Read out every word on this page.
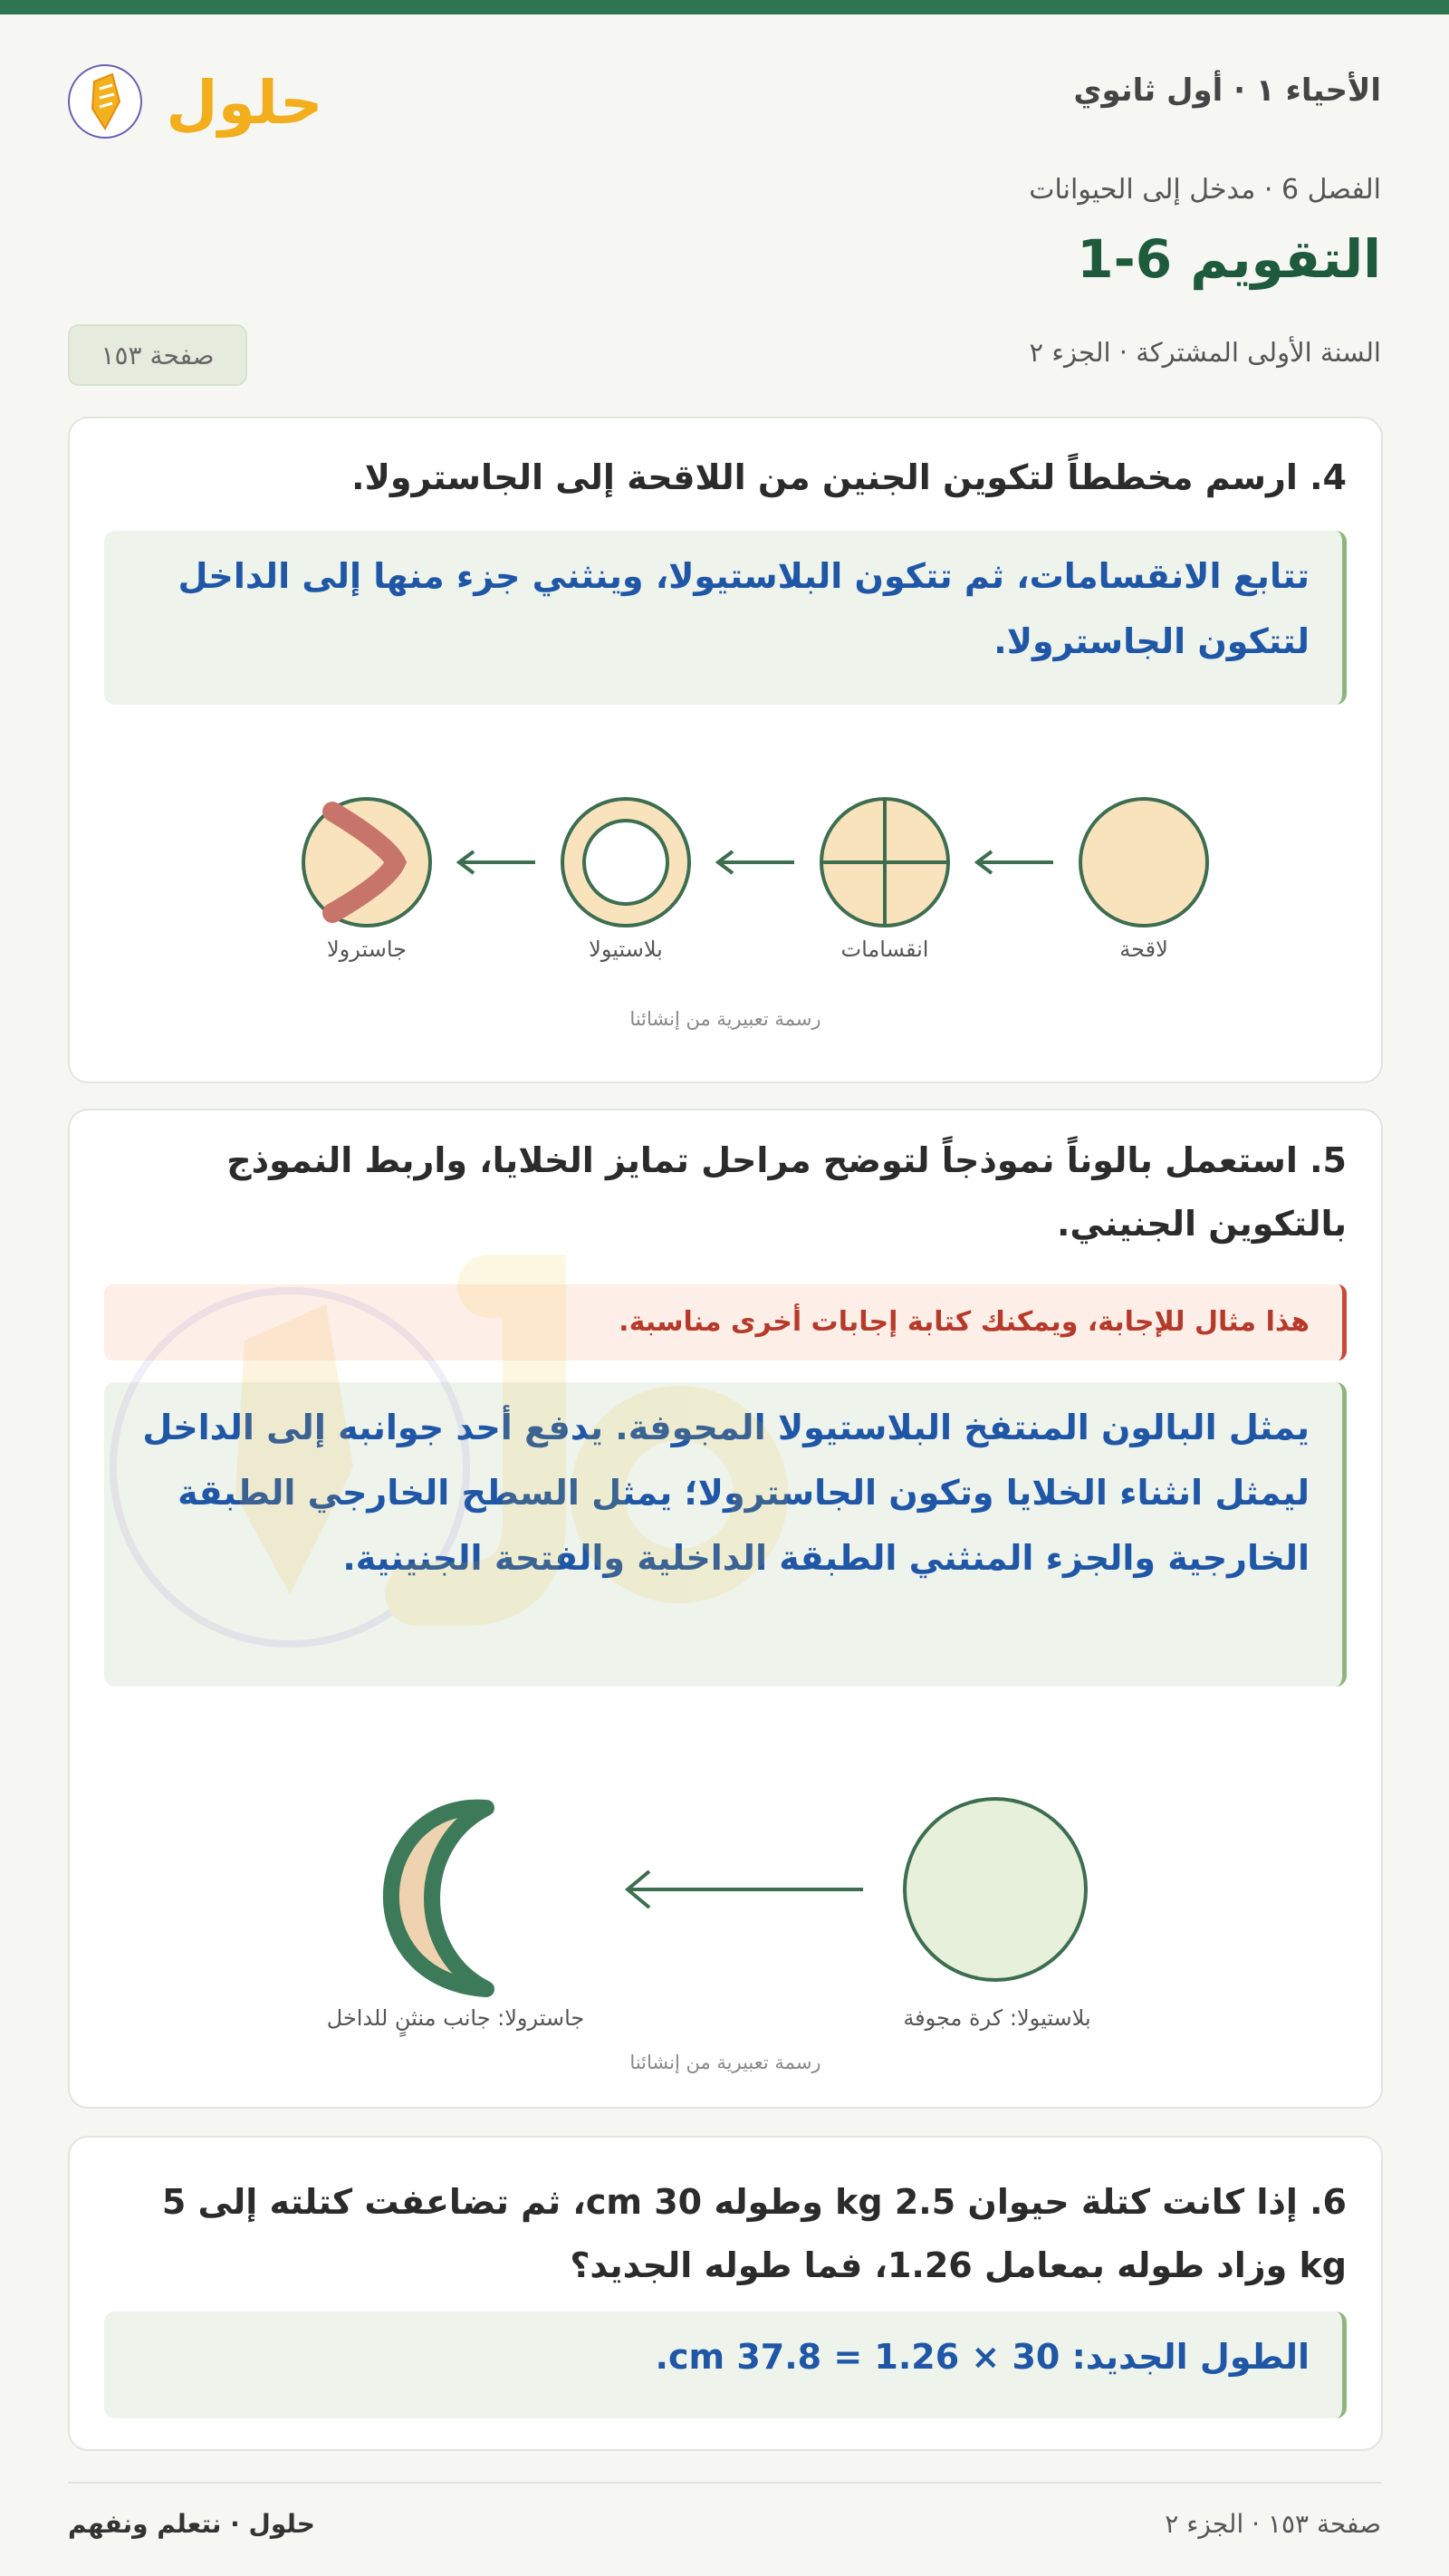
الأحياء ١ · أول ثانوي
حلول
الفصل 6 · مدخل إلى الحيوانات
التقويم 6-1
السنة الأولى المشتركة · الجزء ٢
صفحة ١٥٣
4. ارسم مخططاً لتكوين الجنين من اللاقحة إلى الجاسترولا.
تتابع الانقسامات، ثم تتكون البلاستيولا، وينثني جزء منها إلى الداخل لتتكون الجاسترولا.
لاقحة
انقسامات
بلاستيولا
جاسترولا
رسمة تعبيرية من إنشائنا
5. استعمل بالوناً نموذجاً لتوضح مراحل تمايز الخلايا، واربط النموذج بالتكوين الجنيني.
هذا مثال للإجابة، ويمكنك كتابة إجابات أخرى مناسبة.
يمثل البالون المنتفخ البلاستيولا المجوفة. يدفع أحد جوانبه إلى الداخل ليمثل انثناء الخلايا وتكون الجاسترولا؛ يمثل السطح الخارجي الطبقة الخارجية والجزء المنثني الطبقة الداخلية والفتحة الجنينية.
بلاستيولا: كرة مجوفة
جاسترولا: جانب منثنٍ للداخل
رسمة تعبيرية من إنشائنا
6. إذا كانت كتلة حيوان 2.5 kg وطوله 30 cm، ثم تضاعفت كتلته إلى 5 kg وزاد طوله بمعامل 1.26، فما طوله الجديد؟
الطول الجديد: 30 × 1.26 = 37.8 cm.
صفحة ١٥٣ · الجزء ٢
حلول · نتعلم ونفهم
